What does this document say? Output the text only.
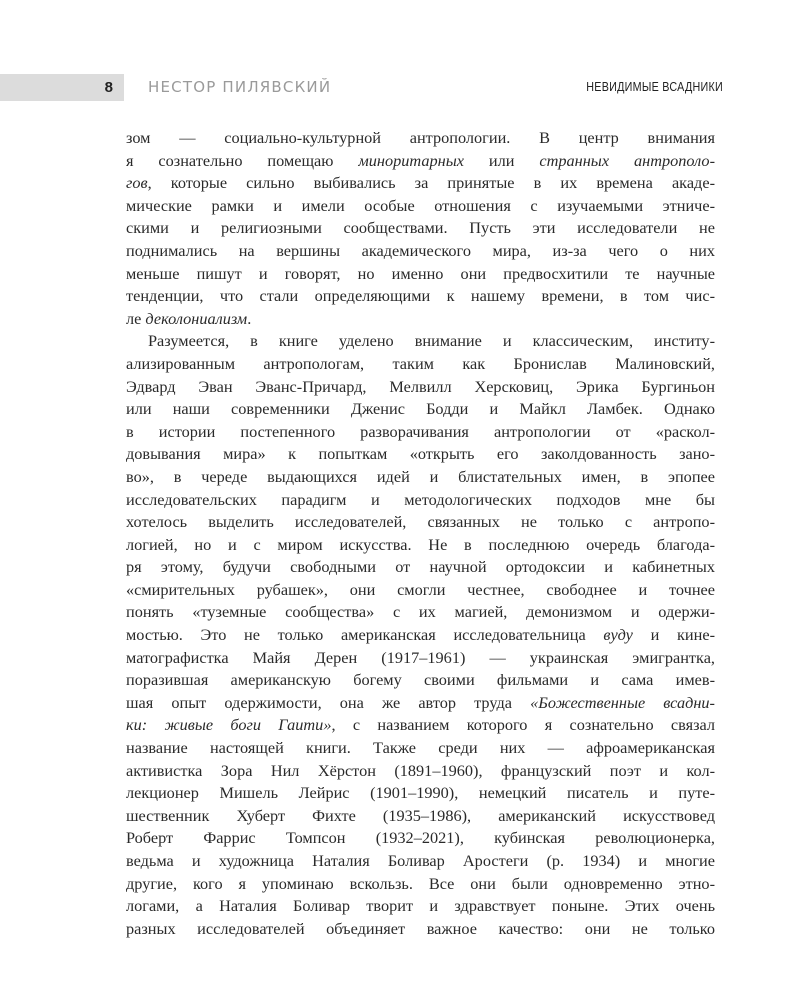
8 НЕСТОР ПИЛЯВСКИЙ	НЕВИДИМЫЕ ВСАДНИКИ
зом — социально-культурной антропологии. В центр внимания
я сознательно помещаю миноритарных или странных антрополо-
гов, которые сильно выбивались за принятые в их времена акаде-
мические рамки и имели особые отношения с изучаемыми этниче-
скими и религиозными сообществами. Пусть эти исследователи не
поднимались на вершины академического мира, из-за чего о них
меньше пишут и говорят, но именно они предвосхитили те научные
тенденции, что стали определяющими к нашему времени, в том чис-
ле деколониализм.
Разумеется, в книге уделено внимание и классическим, институ-
ализированным антропологам, таким как Бронислав Малиновский,
Эдвард Эван Эванс-Причард, Мелвилл Херсковиц, Эрика Бургиньон
или наши современники Дженис Бодди и Майкл Ламбек. Однако
в истории постепенного разворачивания антропологии от «раскол-
довывания мира» к попыткам «открыть его заколдованность зано-
во», в череде выдающихся идей и блистательных имен, в эпопее
исследовательских парадигм и методологических подходов мне бы
хотелось выделить исследователей, связанных не только с антропо-
логией, но и с миром искусства. Не в последнюю очередь благода-
ря этому, будучи свободными от научной ортодоксии и кабинетных
«смирительных рубашек», они смогли честнее, свободнее и точнее
понять «туземные сообщества» с их магией, демонизмом и одержи-
мостью. Это не только американская исследовательница вуду и кине-
матографистка Майя Дерен (1917–1961) — украинская эмигрантка,
поразившая американскую богему своими фильмами и сама имев-
шая опыт одержимости, она же автор труда «Божественные всадни-
ки: живые боги Гаити», с названием которого я сознательно связал
название настоящей книги. Также среди них — афроамериканская
активистка Зора Нил Хёрстон (1891–1960), французский поэт и кол-
лекционер Мишель Лейрис (1901–1990), немецкий писатель и путе-
шественник Хуберт Фихте (1935–1986), американский искусствовед
Роберт Фаррис Томпсон (1932–2021), кубинская революционерка,
ведьма и художница Наталия Боливар Аростеги (р. 1934) и многие
другие, кого я упоминаю вскользь. Все они были одновременно этно-
логами, а Наталия Боливар творит и здравствует поныне. Этих очень
разных исследователей объединяет важное качество: они не только
